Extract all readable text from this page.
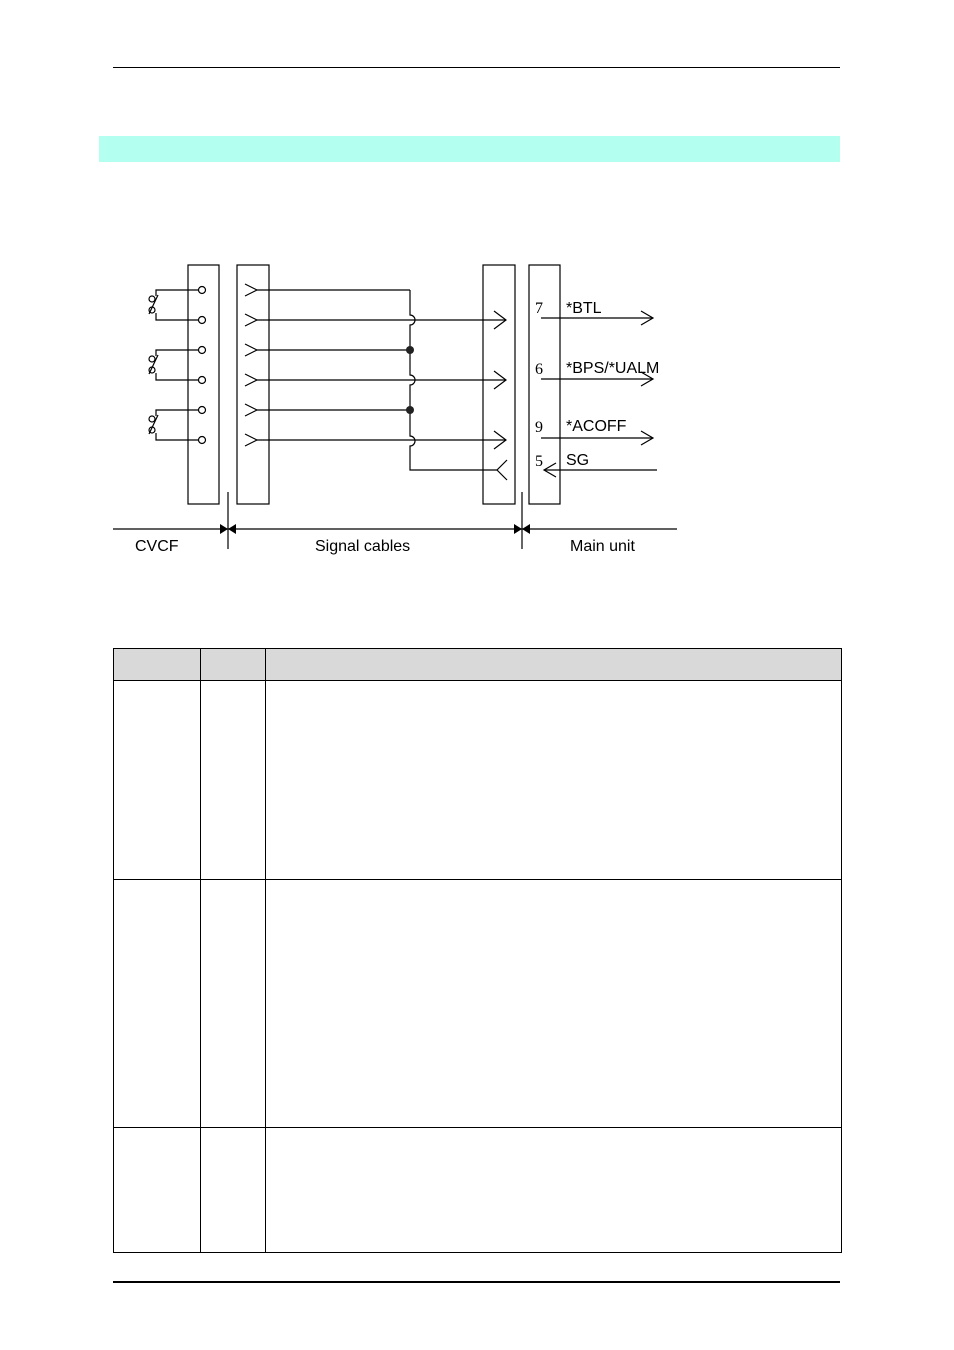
7
6
9
5
*BTL
*BPS/*UALM
*ACOFF
SG
CVCF	Signal cables	Main unit
